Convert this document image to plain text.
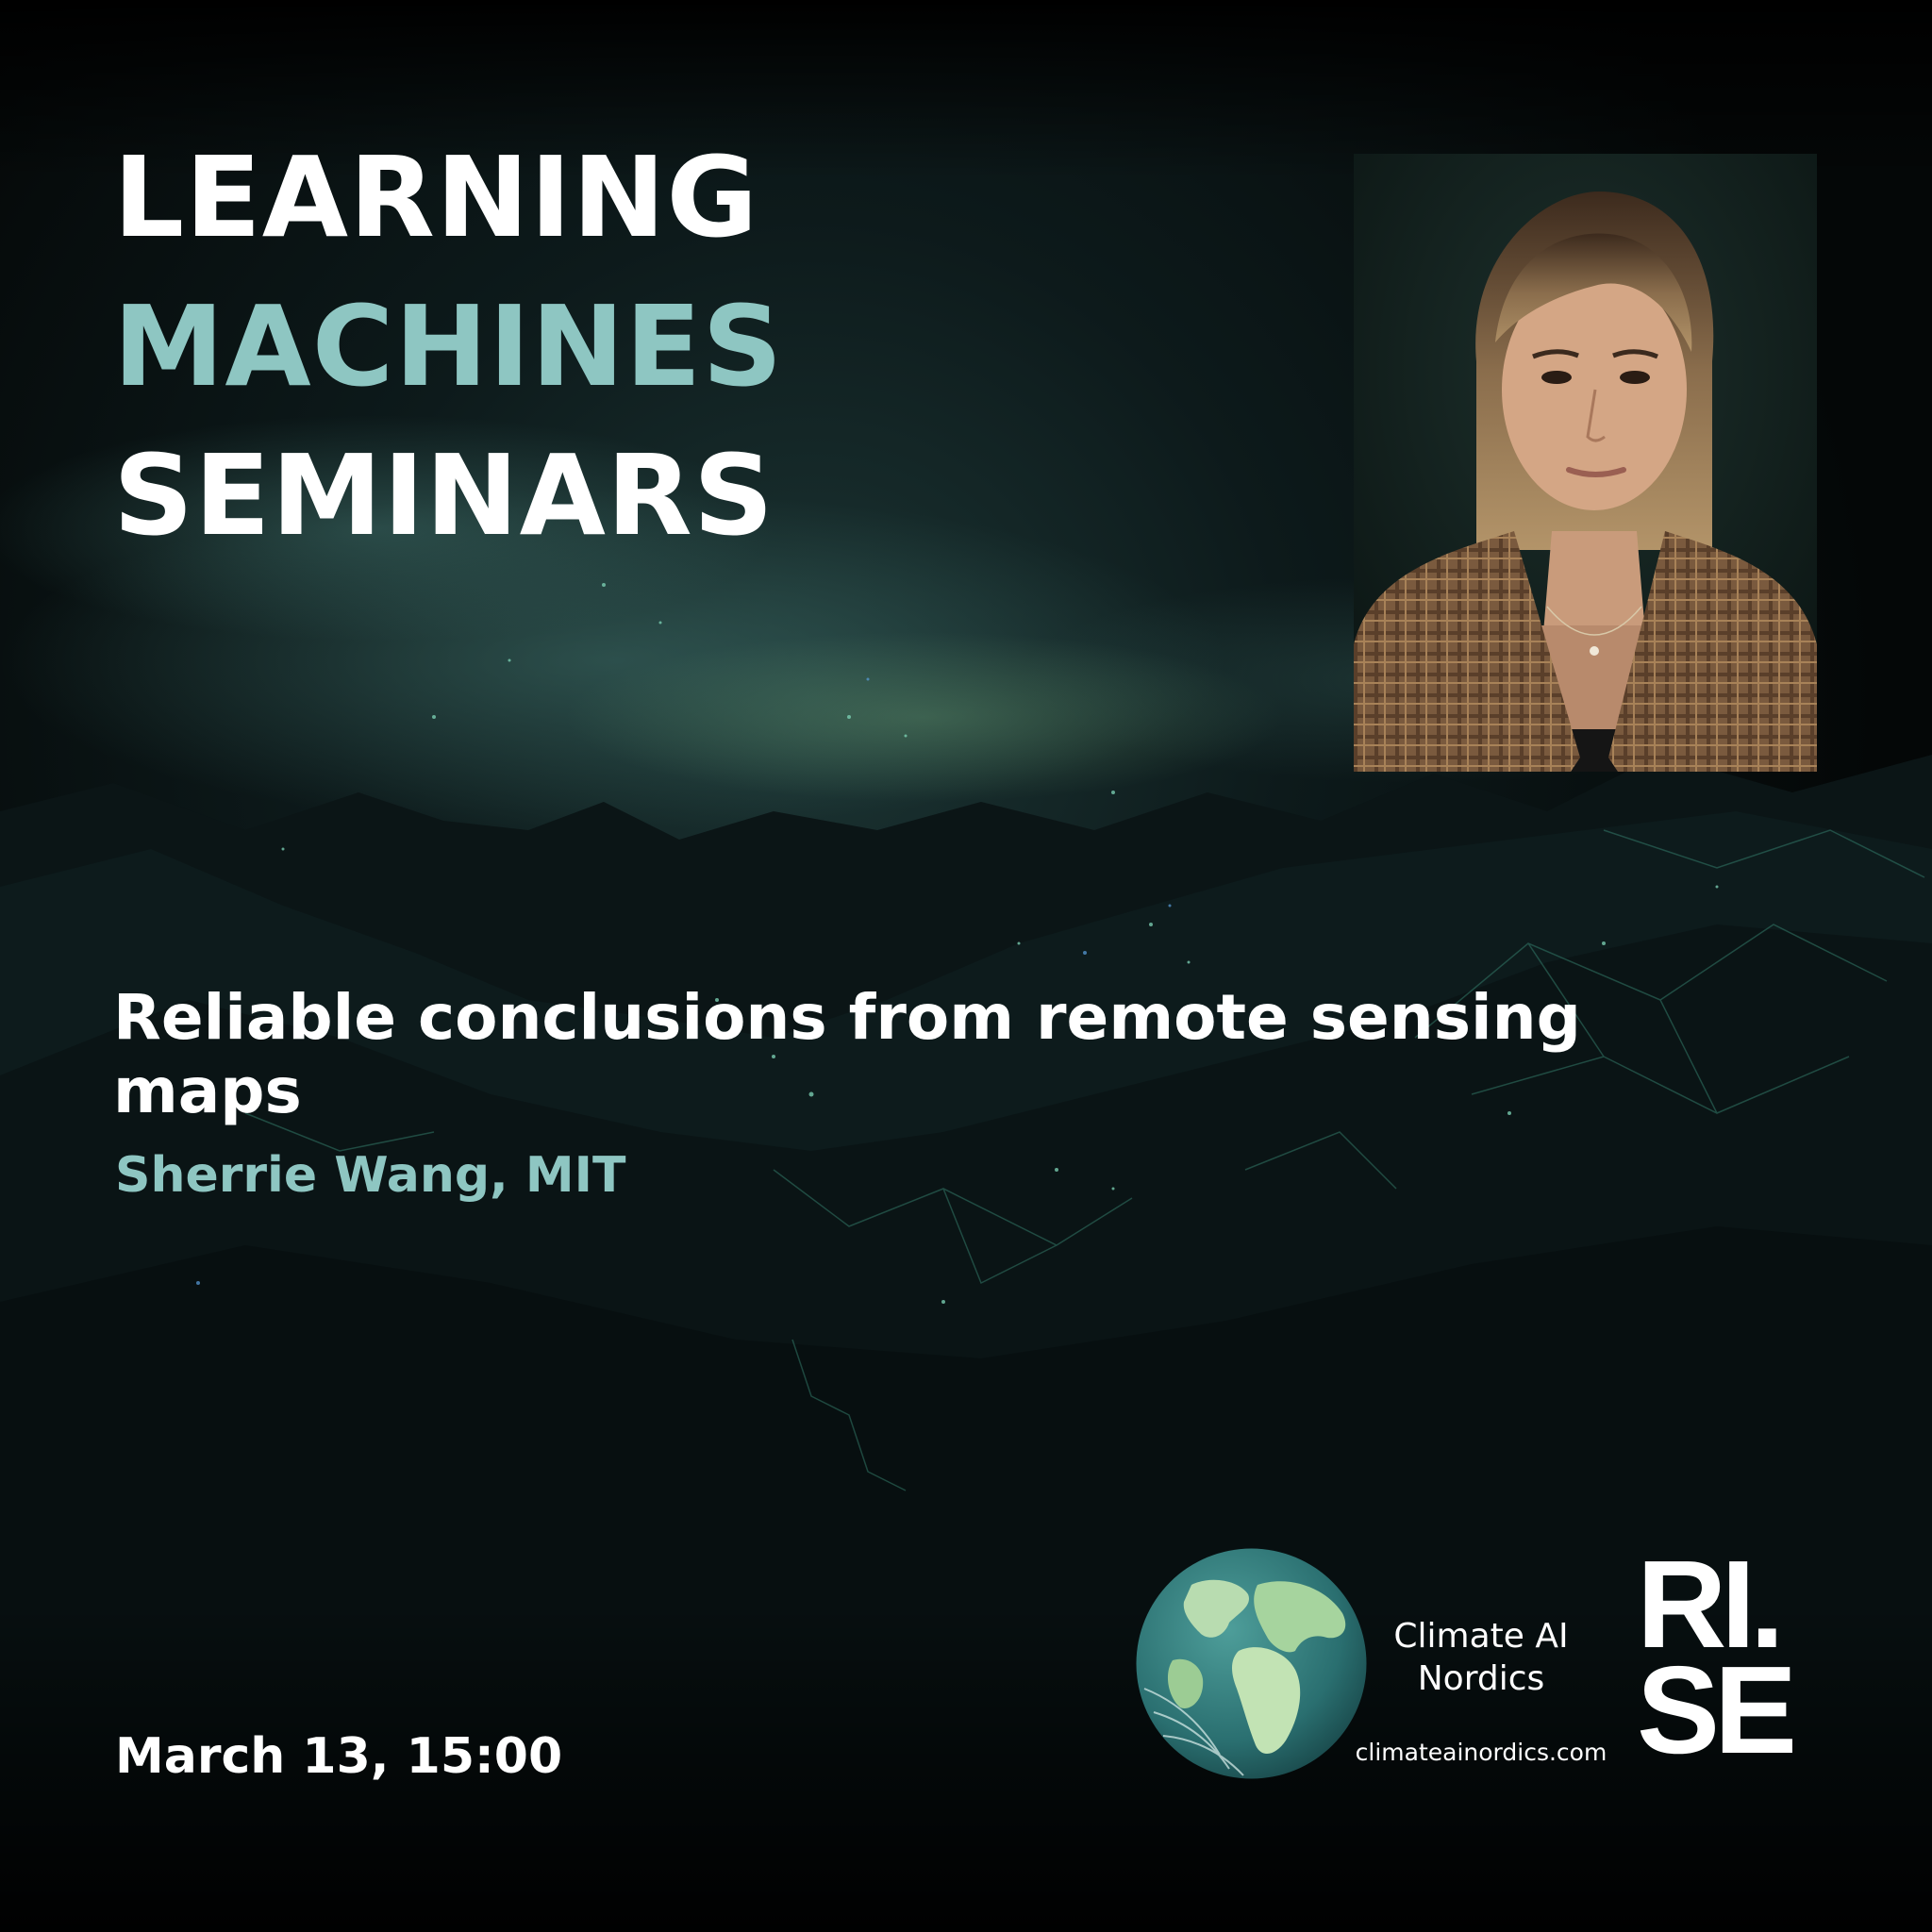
LEARNING
MACHINES
SEMINARS
Reliable conclusions from remote sensing maps

Sherrie Wang, MIT

March 13, 15:00

Climate AI
Nordics
climateainordics.com
RI.
SE
